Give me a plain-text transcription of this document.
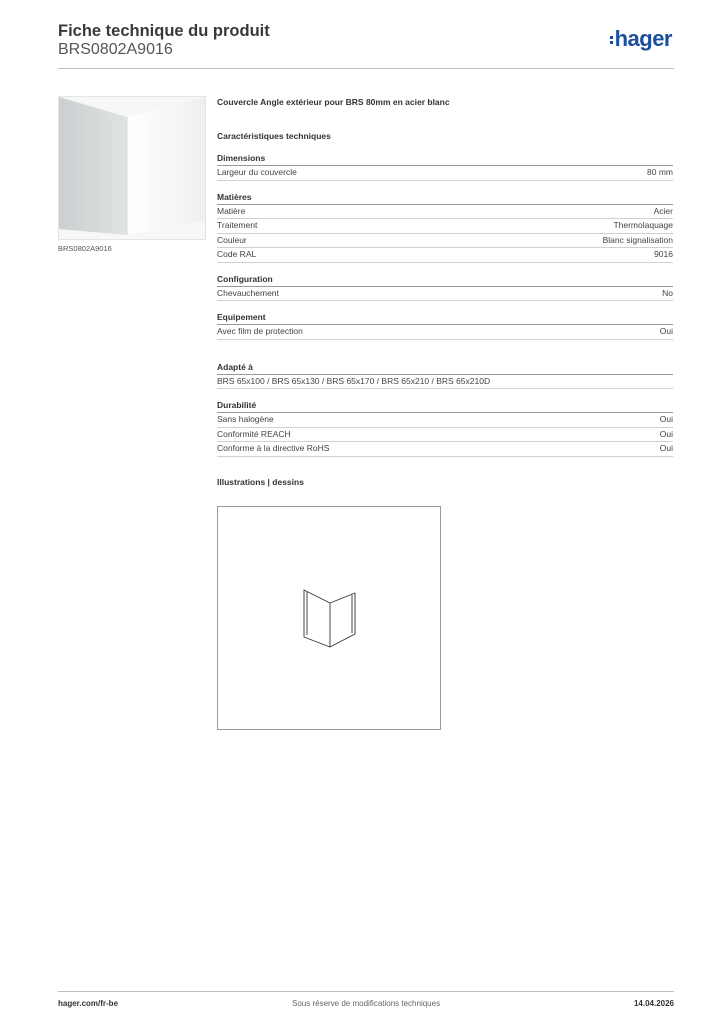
Fiche technique du produit
BRS0802A9016	hager
BRS0802A9016
Couvercle Angle extérieur pour BRS 80mm en acier blanc
Caractéristiques techniques
Dimensions
Largeur du couvercle	80 mm
Matières
Matière	Acier
Traitement	Thermolaquage
Couleur	Blanc signalisation
Code RAL	9016
Configuration
Chevauchement	No
Equipement
Avec film de protection	Oui
Adapté à
BRS 65x100 / BRS 65x130 / BRS 65x170 / BRS 65x210 / BRS 65x210D
Durabilité
Sans halogène	Oui
Conformité REACH	Oui
Conforme à la directive RoHS	Oui
Illustrations | dessins
hager.com/fr-be	Sous réserve de modifications techniques	14.04.2026
